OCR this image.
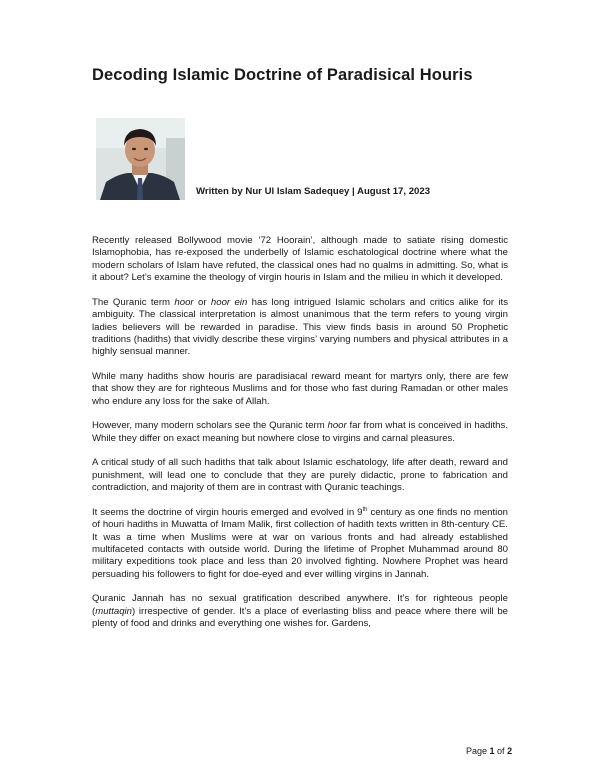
Decoding Islamic Doctrine of Paradisical Houris
Written by Nur Ul Islam Sadequey | August 17, 2023

Recently released Bollywood movie ‘72 Hoorain’, although made to satiate rising domestic Islamophobia, has re-exposed the underbelly of Islamic eschatological doctrine where what the modern scholars of Islam have refuted, the classical ones had no qualms in admitting. So, what is it about? Let’s examine the theology of virgin houris in Islam and the milieu in which it developed.

The Quranic term hoor or hoor ein has long intrigued Islamic scholars and critics alike for its ambiguity. The classical interpretation is almost unanimous that the term refers to young virgin ladies believers will be rewarded in paradise. This view finds basis in around 50 Prophetic traditions (hadiths) that vividly describe these virgins’ varying numbers and physical attributes in a highly sensual manner.

While many hadiths show houris are paradisiacal reward meant for martyrs only, there are few that show they are for righteous Muslims and for those who fast during Ramadan or other males who endure any loss for the sake of Allah.

However, many modern scholars see the Quranic term hoor far from what is conceived in hadiths. While they differ on exact meaning but nowhere close to virgins and carnal pleasures.

A critical study of all such hadiths that talk about Islamic eschatology, life after death, reward and punishment, will lead one to conclude that they are purely didactic, prone to fabrication and contradiction, and majority of them are in contrast with Quranic teachings.

It seems the doctrine of virgin houris emerged and evolved in 9th century as one finds no mention of houri hadiths in Muwatta of Imam Malik, first collection of hadith texts written in 8th-century CE. It was a time when Muslims were at war on various fronts and had already established multifaceted contacts with outside world. During the lifetime of Prophet Muhammad around 80 military expeditions took place and less than 20 involved fighting. Nowhere Prophet was heard persuading his followers to fight for doe-eyed and ever willing virgins in Jannah.

Quranic Jannah has no sexual gratification described anywhere. It’s for righteous people (muttaqin) irrespective of gender. It’s a place of everlasting bliss and peace where there will be plenty of food and drinks and everything one wishes for. Gardens,

Page 1 of 2
